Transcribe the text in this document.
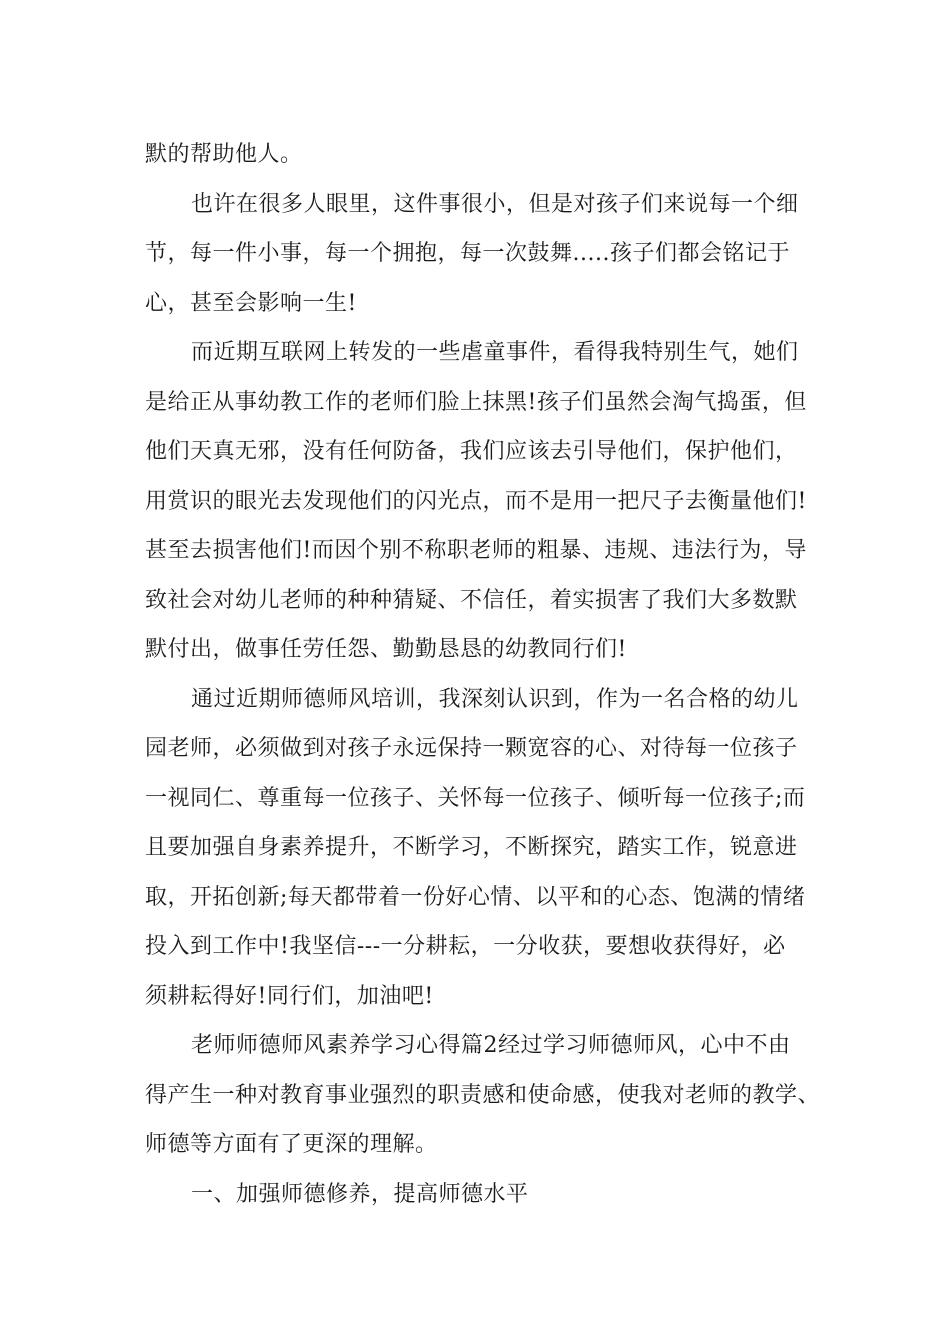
默的帮助他人。
也许在很多人眼里，这件事很小，但是对孩子们来说每一个细
节，每一件小事，每一个拥抱，每一次鼓舞.....孩子们都会铭记于
心，甚至会影响一生!
而近期互联网上转发的一些虐童事件，看得我特别生气，她们
是给正从事幼教工作的老师们脸上抹黑!孩子们虽然会淘气捣蛋，但
他们天真无邪，没有任何防备，我们应该去引导他们，保护他们，
用赏识的眼光去发现他们的闪光点，而不是用一把尺子去衡量他们!
甚至去损害他们!而因个别不称职老师的粗暴、违规、违法行为，导
致社会对幼儿老师的种种猜疑、不信任，着实损害了我们大多数默
默付出，做事任劳任怨、勤勤恳恳的幼教同行们!
通过近期师德师风培训，我深刻认识到，作为一名合格的幼儿
园老师，必须做到对孩子永远保持一颗宽容的心、对待每一位孩子
一视同仁、尊重每一位孩子、关怀每一位孩子、倾听每一位孩子;而
且要加强自身素养提升，不断学习，不断探究，踏实工作，锐意进
取，开拓创新;每天都带着一份好心情、以平和的心态、饱满的情绪
投入到工作中!我坚信---一分耕耘，一分收获，要想收获得好，必
须耕耘得好!同行们，加油吧!
老师师德师风素养学习心得篇2经过学习师德师风，心中不由
得产生一种对教育事业强烈的职责感和使命感，使我对老师的教学、
师德等方面有了更深的理解。
一、加强师德修养，提高师德水平
